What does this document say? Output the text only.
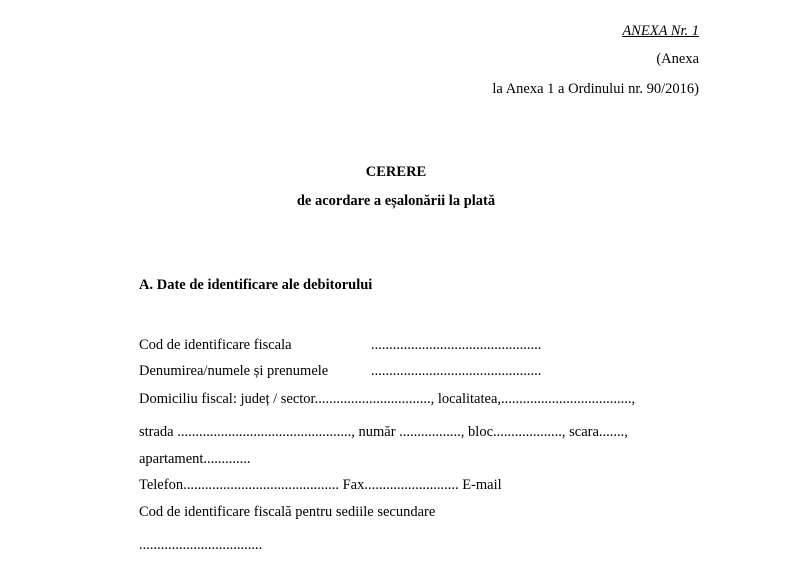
ANEXA Nr. 1
(Anexa
la Anexa 1 a Ordinului nr. 90/2016)
CERERE
de acordare a eșalonării la plată
A. Date de identificare ale debitorului
Cod de identificare fiscala	...............................................
Denumirea/numele și prenumele	...............................................
Domiciliu fiscal: județ / sector................................, localitatea,....................................,
strada ................................................, număr ................., bloc..................., scara.......,
apartament.............
Telefon........................................... Fax.......................... E-mail
Cod de identificare fiscală pentru sediile secundare
..................................
